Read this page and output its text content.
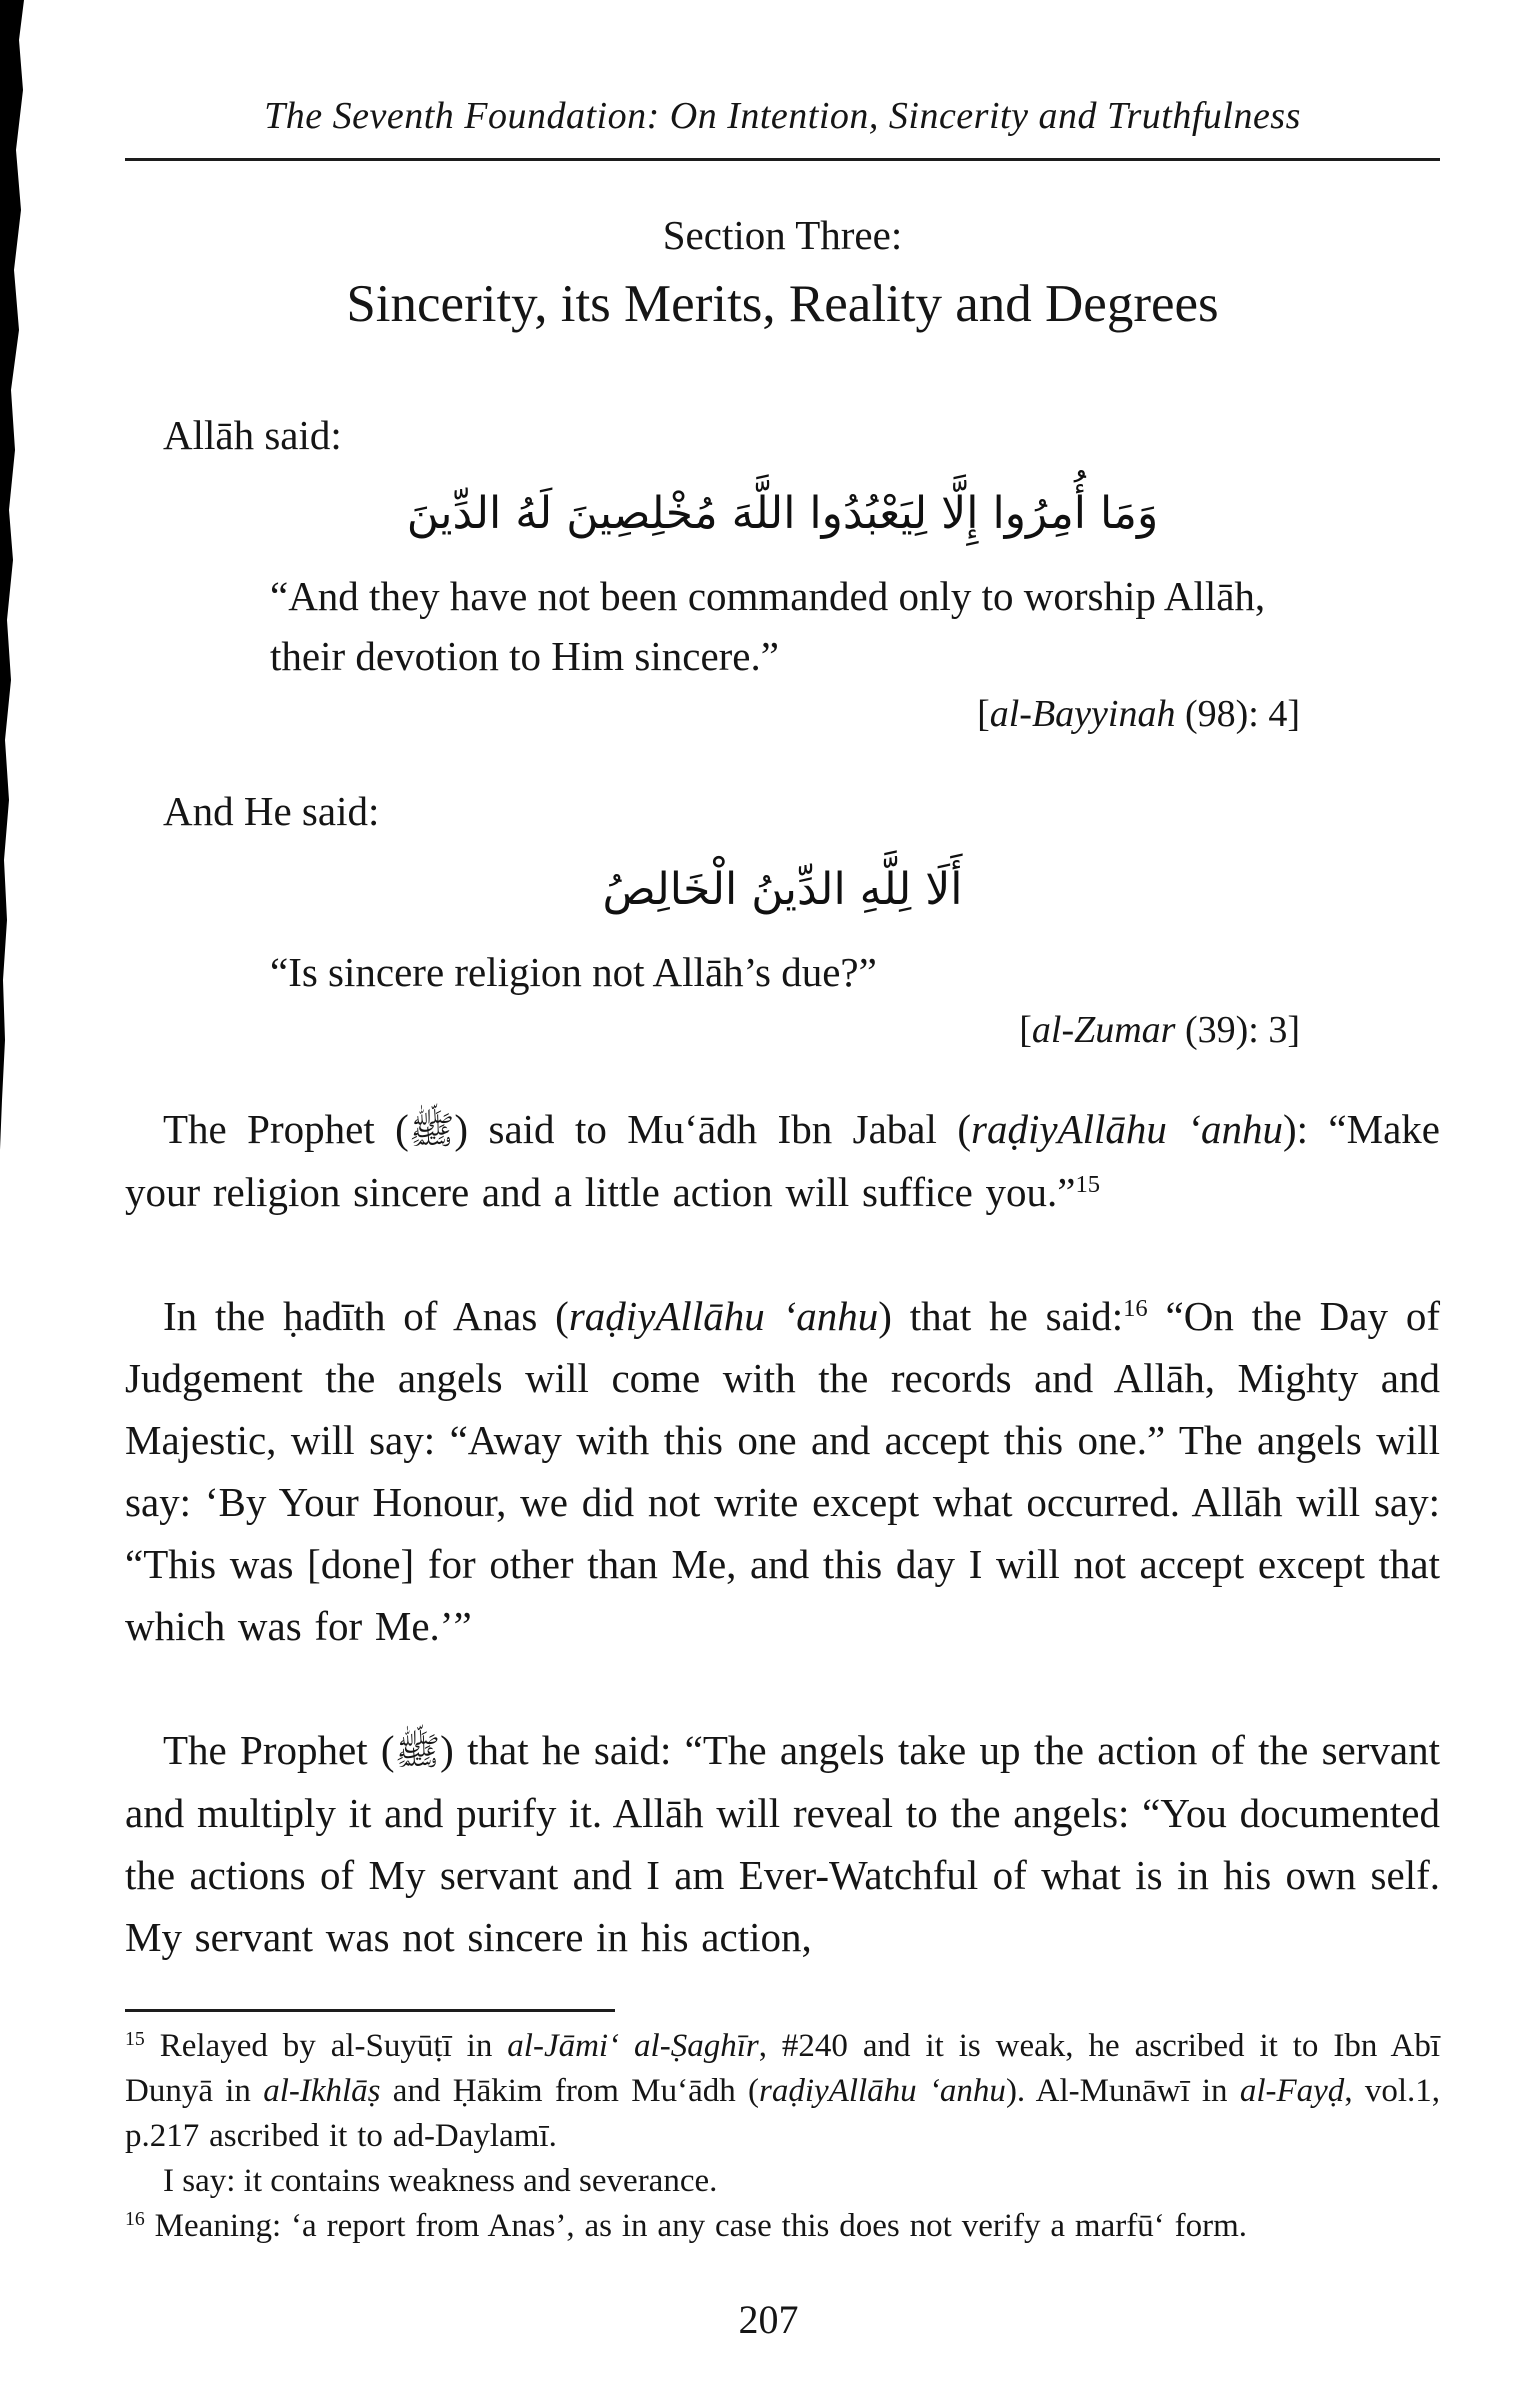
The Seventh Foundation: On Intention, Sincerity and Truthfulness
Section Three:
Sincerity, its Merits, Reality and Degrees
Allāh said:
وَمَا أُمِرُوا إِلَّا لِيَعْبُدُوا اللَّهَ مُخْلِصِينَ لَهُ الدِّينَ
“And they have not been commanded only to worship Allāh, their devotion to Him sincere.”
[al-Bayyinah (98): 4]
And He said:
أَلَا لِلَّهِ الدِّينُ الْخَالِصُ
“Is sincere religion not Allāh’s due?”
[al-Zumar (39): 3]

The Prophet (ﷺ) said to Mu‘ādh Ibn Jabal (raḍiyAllāhu ‘anhu): “Make your religion sincere and a little action will suffice you.”$^{15}$

In the ḥadīth of Anas (raḍiyAllāhu ‘anhu) that he said:$^{16}$ “On the Day of Judgement the angels will come with the records and Allāh, Mighty and Majestic, will say: “Away with this one and accept this one.” The angels will say: ‘By Your Honour, we did not write except what occurred. Allāh will say: “This was [done] for other than Me, and this day I will not accept except that which was for Me.’”

The Prophet (ﷺ) that he said: “The angels take up the action of the servant and multiply it and purify it. Allāh will reveal to the angels: “You documented the actions of My servant and I am Ever-Watchful of what is in his own self. My servant was not sincere in his action,

$^{15}$ Relayed by al-Suyūṭī in al-Jāmi‘ al-Ṣaghīr, #240 and it is weak, he ascribed it to Ibn Abī Dunyā in al-Ikhlāṣ and Ḥākim from Mu‘ādh (raḍiyAllāhu ‘anhu). Al-Munāwī in al-Fayḍ, vol.1, p.217 ascribed it to ad-Daylamī.
I say: it contains weakness and severance.
$^{16}$ Meaning: ‘a report from Anas’, as in any case this does not verify a marfū‘ form.
207
